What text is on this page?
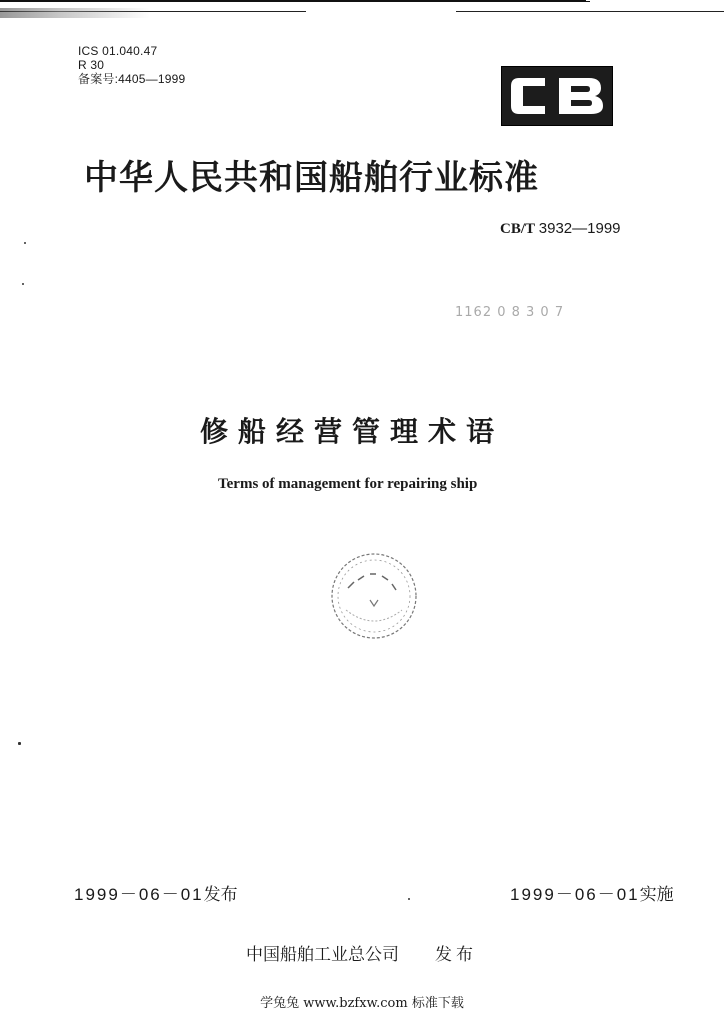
ICS 01.040.47
R 30
备案号:4405—1999
中华人民共和国船舶行业标准
CB/T 3932—1999
1162 0 8 3 0 7
修船经营管理术语
Terms of management for repairing ship
1999－06－01发布	1999－06－01实施
中国船舶工业总公司 发布
学兔兔 www.bzfxw.com 标准下载
